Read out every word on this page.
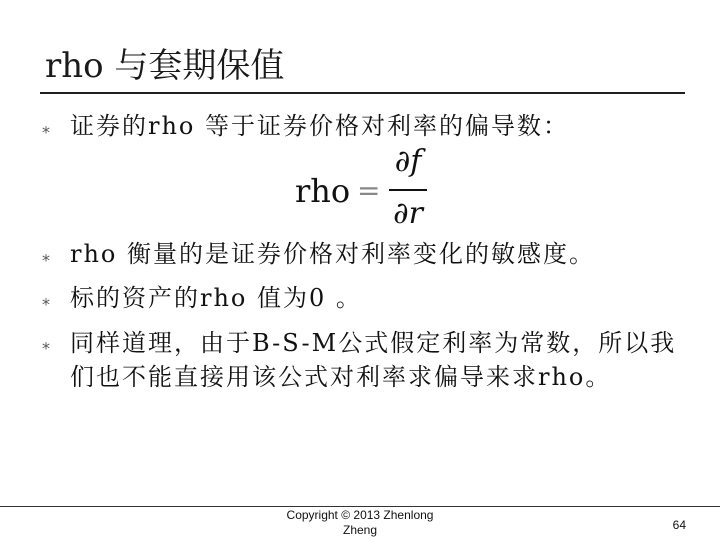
rho 与套期保值
⁎ 证券的rho 等于证券价格对利率的偏导数：
rho =
∂f
∂r
⁎ rho 衡量的是证券价格对利率变化的敏感度。
⁎ 标的资产的rho 值为0 。
⁎ 同样道理，由于B-S-M公式假定利率为常数，所以我们也不能直接用该公式对利率求偏导来求rho。
Copyright © 2013 Zhenlong Zheng	64
